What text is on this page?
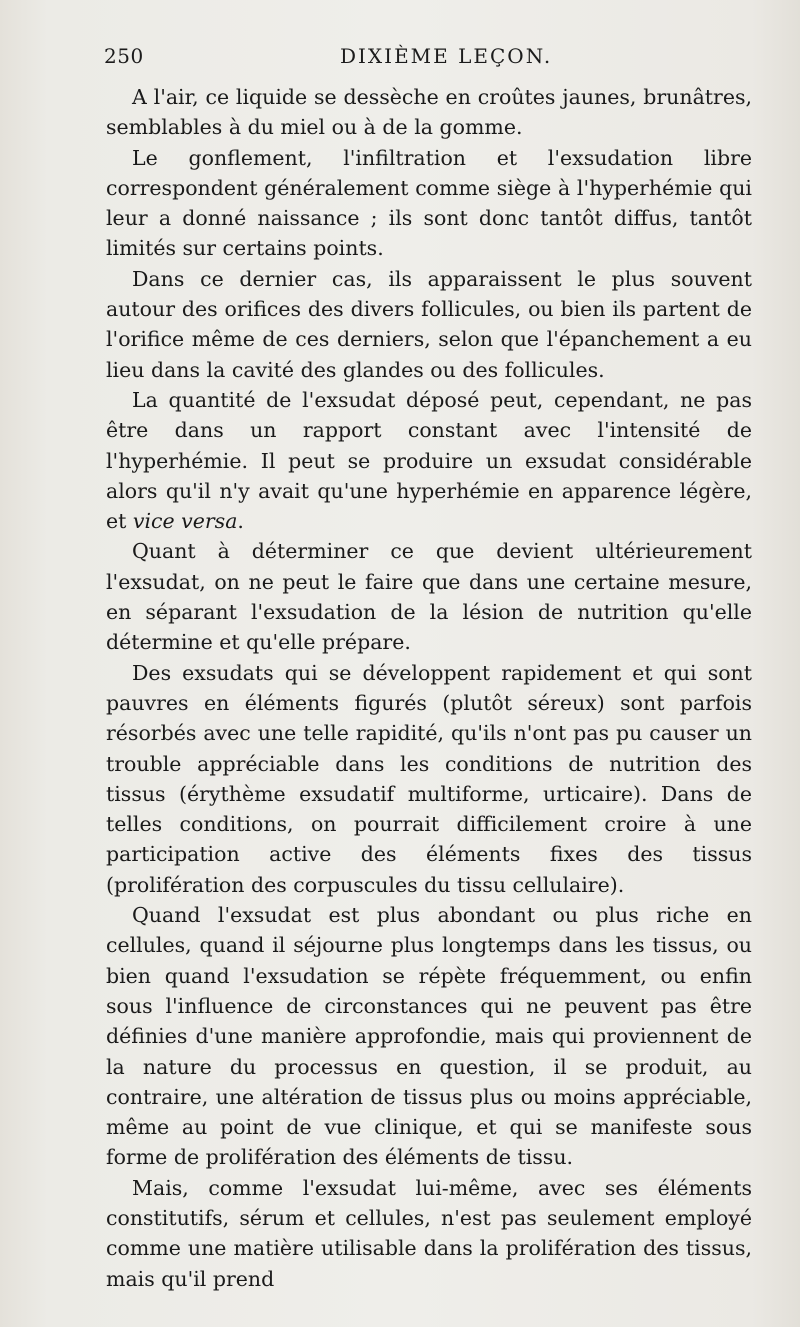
250	DIXIÈME LEÇON.

A l'air, ce liquide se dessèche en croûtes jaunes, brunâtres, semblables à du miel ou à de la gomme.

Le gonflement, l'infiltration et l'exsudation libre correspondent généralement comme siège à l'hyperhémie qui leur a donné naissance ; ils sont donc tantôt diffus, tantôt limités sur certains points.

Dans ce dernier cas, ils apparaissent le plus souvent autour des orifices des divers follicules, ou bien ils partent de l'orifice même de ces derniers, selon que l'épanchement a eu lieu dans la cavité des glandes ou des follicules.

La quantité de l'exsudat déposé peut, cependant, ne pas être dans un rapport constant avec l'intensité de l'hyperhémie. Il peut se produire un exsudat considérable alors qu'il n'y avait qu'une hyperhémie en apparence légère, et vice versa.

Quant à déterminer ce que devient ultérieurement l'exsudat, on ne peut le faire que dans une certaine mesure, en séparant l'exsudation de la lésion de nutrition qu'elle détermine et qu'elle prépare.

Des exsudats qui se développent rapidement et qui sont pauvres en éléments figurés (plutôt séreux) sont parfois résorbés avec une telle rapidité, qu'ils n'ont pas pu causer un trouble appréciable dans les conditions de nutrition des tissus (érythème exsudatif multiforme, urticaire). Dans de telles conditions, on pourrait difficilement croire à une participation active des éléments fixes des tissus (prolifération des corpuscules du tissu cellulaire).

Quand l'exsudat est plus abondant ou plus riche en cellules, quand il séjourne plus longtemps dans les tissus, ou bien quand l'exsudation se répète fréquemment, ou enfin sous l'influence de circonstances qui ne peuvent pas être définies d'une manière approfondie, mais qui proviennent de la nature du processus en question, il se produit, au contraire, une altération de tissus plus ou moins appréciable, même au point de vue clinique, et qui se manifeste sous forme de prolifération des éléments de tissu.

Mais, comme l'exsudat lui-même, avec ses éléments constitutifs, sérum et cellules, n'est pas seulement employé comme une matière utilisable dans la prolifération des tissus, mais qu'il prend
